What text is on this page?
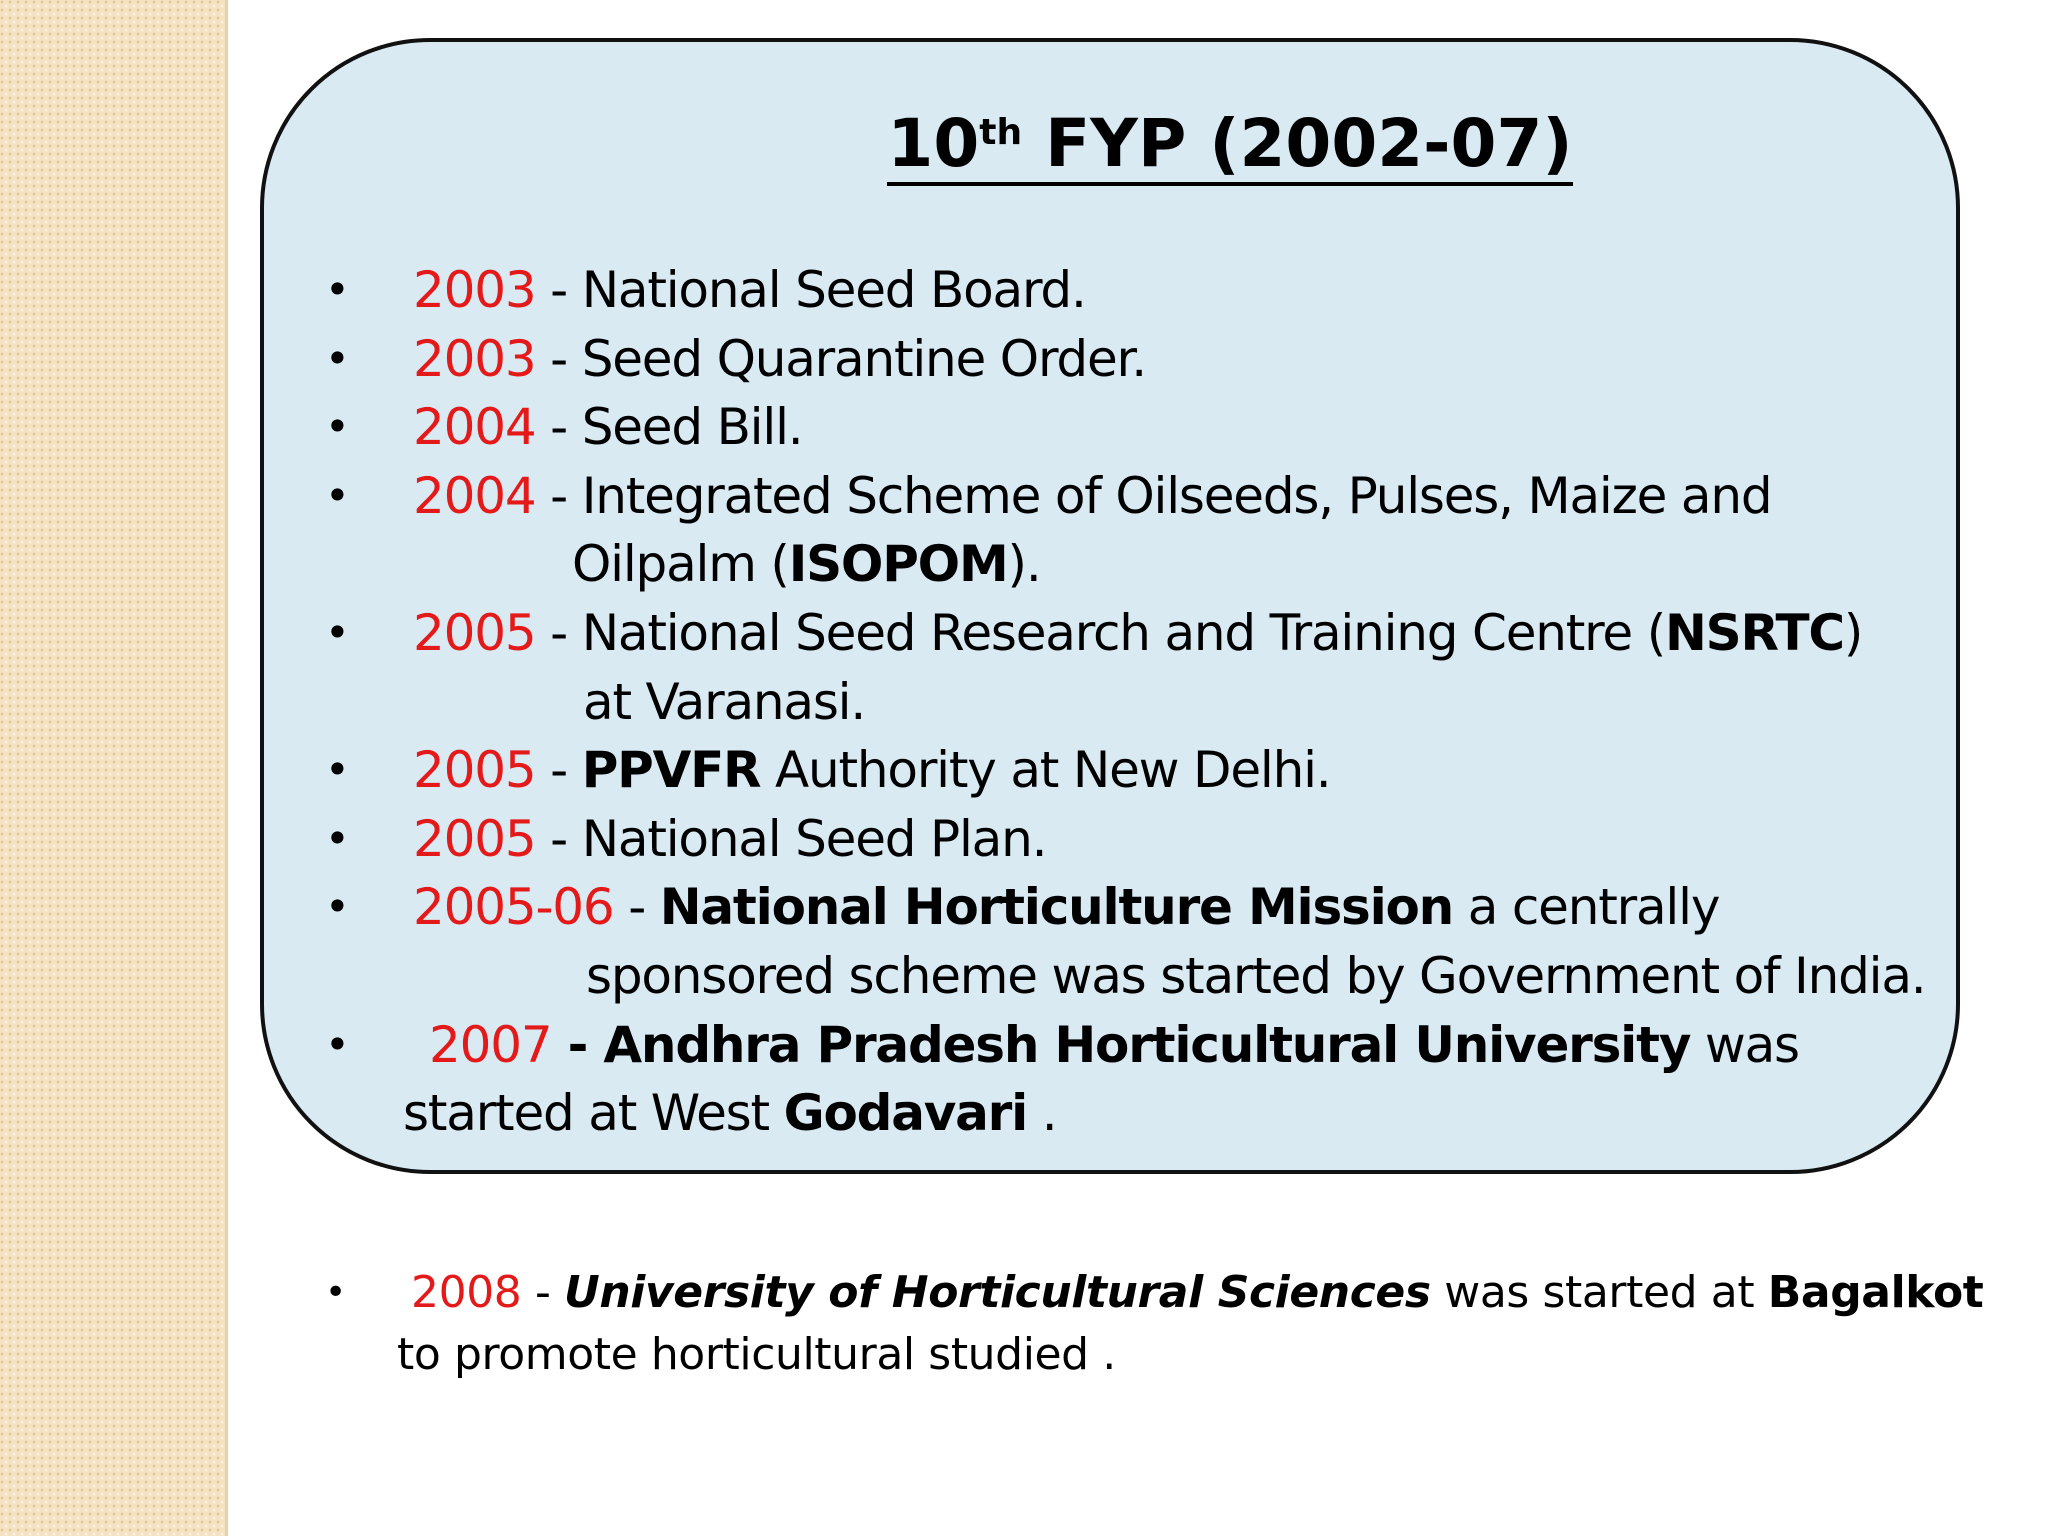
10th FYP (2002-07)
•	2003 - National Seed Board.
•	2003 - Seed Quarantine Order.
•	2004 - Seed Bill.
•	2004 - Integrated Scheme of Oilseeds, Pulses, Maize and
Oilpalm (ISOPOM).
•	2005 - National Seed Research and Training Centre (NSRTC)
at Varanasi.
•	2005 - PPVFR Authority at New Delhi.
•	2005 - National Seed Plan.
•	2005-06 - National Horticulture Mission a centrally
sponsored scheme was started by Government of India.
•	2007 - Andhra Pradesh Horticultural University was
started at West Godavari .
•	2008 - University of Horticultural Sciences was started at Bagalkot
to promote horticultural studied .
